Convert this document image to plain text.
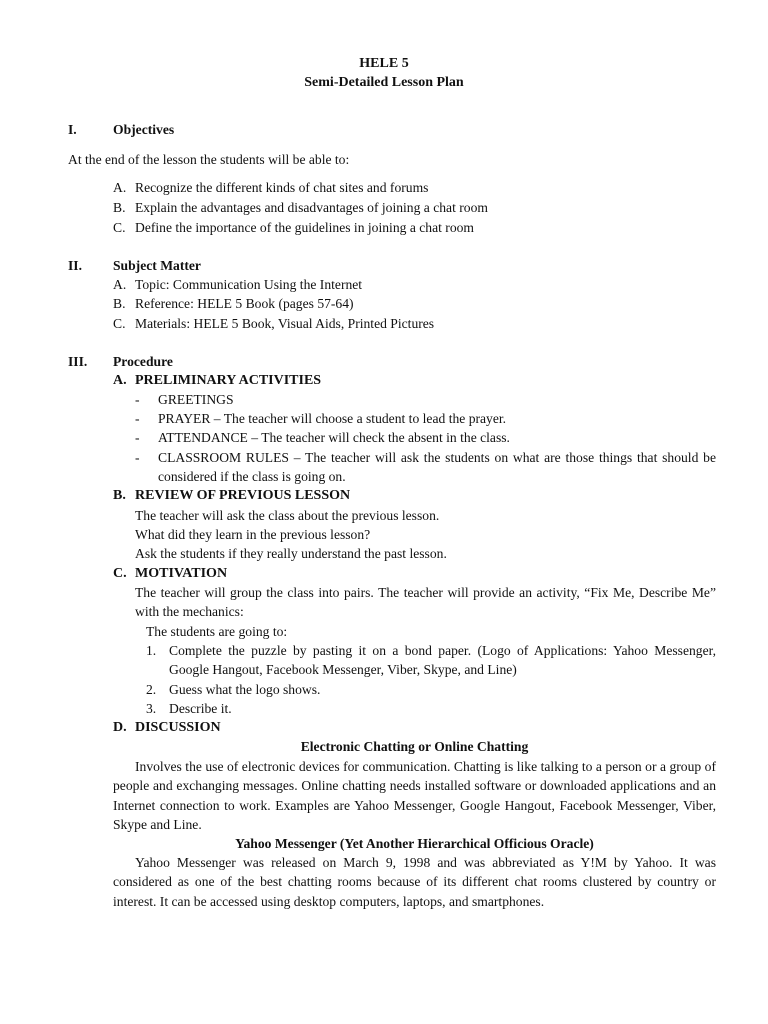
HELE 5
Semi-Detailed Lesson Plan
I.	Objectives
At the end of the lesson the students will be able to:
A. Recognize the different kinds of chat sites and forums
B. Explain the advantages and disadvantages of joining a chat room
C. Define the importance of the guidelines in joining a chat room
II. Subject Matter
A. Topic: Communication Using the Internet
B. Reference: HELE 5 Book (pages 57-64)
C. Materials: HELE 5 Book, Visual Aids, Printed Pictures
III. Procedure
A. PRELIMINARY ACTIVITIES
-	GREETINGS
-	PRAYER – The teacher will choose a student to lead the prayer.
-	ATTENDANCE – The teacher will check the absent in the class.
-	CLASSROOM RULES – The teacher will ask the students on what are those things that should be considered if the class is going on.
B. REVIEW OF PREVIOUS LESSON
The teacher will ask the class about the previous lesson.
What did they learn in the previous lesson?
Ask the students if they really understand the past lesson.
C. MOTIVATION
The teacher will group the class into pairs. The teacher will provide an activity, “Fix Me, Describe Me” with the mechanics:
The students are going to:
1. Complete the puzzle by pasting it on a bond paper. (Logo of Applications: Yahoo Messenger, Google Hangout, Facebook Messenger, Viber, Skype, and Line)
2. Guess what the logo shows.
3. Describe it.
D. DISCUSSION
Electronic Chatting or Online Chatting
Involves the use of electronic devices for communication. Chatting is like talking to a person or a group of people and exchanging messages. Online chatting needs installed software or downloaded applications and an Internet connection to work. Examples are Yahoo Messenger, Google Hangout, Facebook Messenger, Viber, Skype and Line.
Yahoo Messenger (Yet Another Hierarchical Officious Oracle)
Yahoo Messenger was released on March 9, 1998 and was abbreviated as Y!M by Yahoo. It was considered as one of the best chatting rooms because of its different chat rooms clustered by country or interest. It can be accessed using desktop computers, laptops, and smartphones.
